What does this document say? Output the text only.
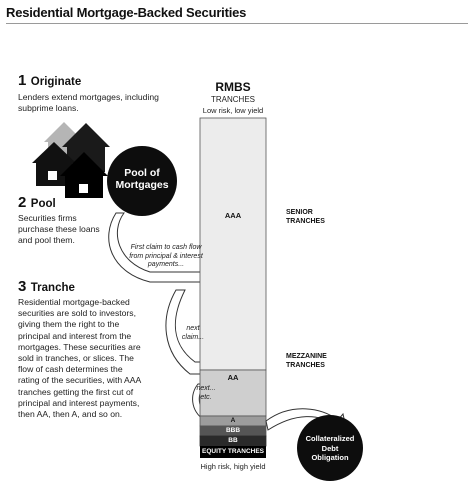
Residential Mortgage-Backed Securities
1 Originate
Lenders extend mortgages, including subprime loans.
2 Pool
Securities firms purchase these loans and pool them.
3 Tranche
Residential mortgage-backed securities are sold to investors, giving them the right to the principal and interest from the mortgages. These securities are sold in tranches, or slices. The flow of cash determines the rating of the securities, with AAA tranches getting the first cut of principal and interest payments, then AA, then A, and so on.
Pool of Mortgages
RMBS
TRANCHES
Low risk, low yield
AAA
AA
A
BBB
BB
EQUITY TRANCHES
High risk, high yield
SENIOR TRANCHES
MEZZANINE TRANCHES
First claim to cash flow from principal & interest payments...
next claim...
next... etc.
Collateralized Debt Obligation
